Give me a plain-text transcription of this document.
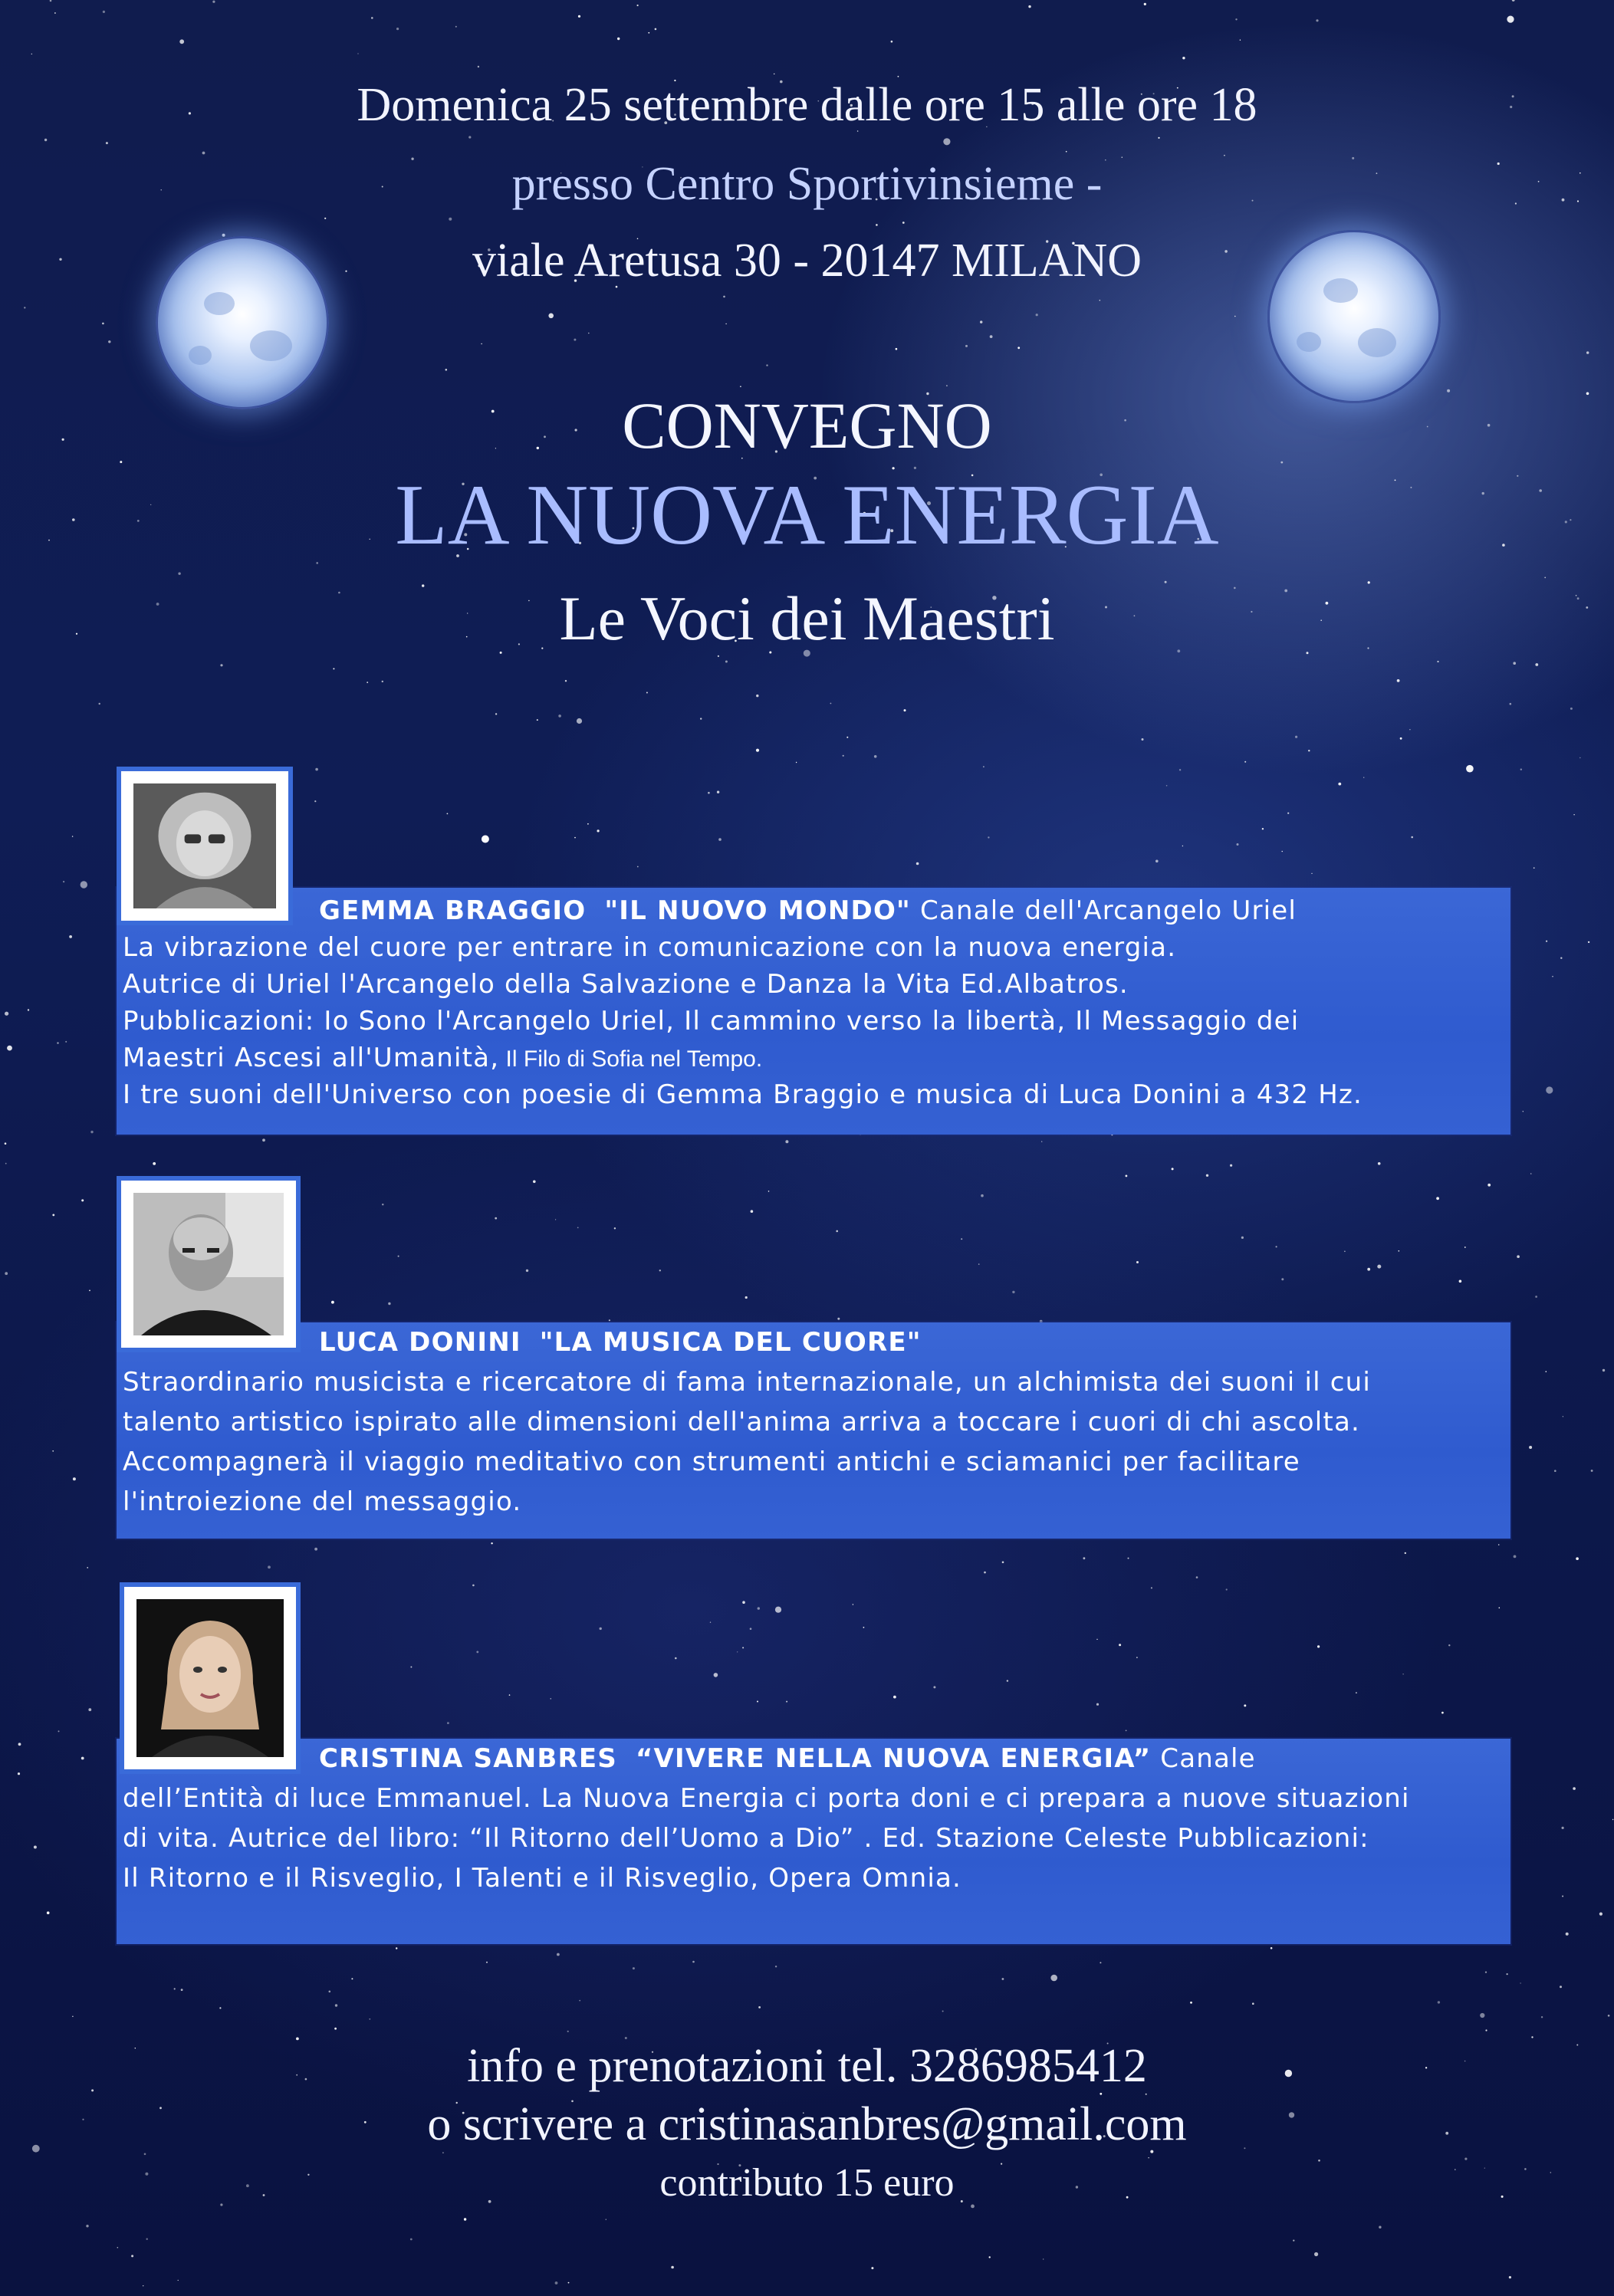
Domenica 25 settembre dalle ore 15 alle ore 18
presso Centro Sportivinsieme -
viale Aretusa 30 - 20147 MILANO
CONVEGNO
LA NUOVA ENERGIA
Le Voci dei Maestri
GEMMA BRAGGIO "IL NUOVO MONDO" Canale dell'Arcangelo Uriel
La vibrazione del cuore per entrare in comunicazione con la nuova energia.
Autrice di Uriel l'Arcangelo della Salvazione e Danza la Vita Ed.Albatros.
Pubblicazioni: Io Sono l'Arcangelo Uriel, Il cammino verso la libertà, Il Messaggio dei
Maestri Ascesi all'Umanità, Il Filo di Sofia nel Tempo.
I tre suoni dell'Universo con poesie di Gemma Braggio e musica di Luca Donini a 432 Hz.
LUCA DONINI "LA MUSICA DEL CUORE"
Straordinario musicista e ricercatore di fama internazionale, un alchimista dei suoni il cui
talento artistico ispirato alle dimensioni dell'anima arriva a toccare i cuori di chi ascolta.
Accompagnerà il viaggio meditativo con strumenti antichi e sciamanici per facilitare
l'introiezione del messaggio.
CRISTINA SANBRES “VIVERE NELLA NUOVA ENERGIA” Canale
dell’Entità di luce Emmanuel. La Nuova Energia ci porta doni e ci prepara a nuove situazioni
di vita. Autrice del libro: “Il Ritorno dell’Uomo a Dio” . Ed. Stazione Celeste Pubblicazioni:
Il Ritorno e il Risveglio, I Talenti e il Risveglio, Opera Omnia.
info e prenotazioni tel. 3286985412
o scrivere a cristinasanbres@gmail.com
contributo 15 euro
